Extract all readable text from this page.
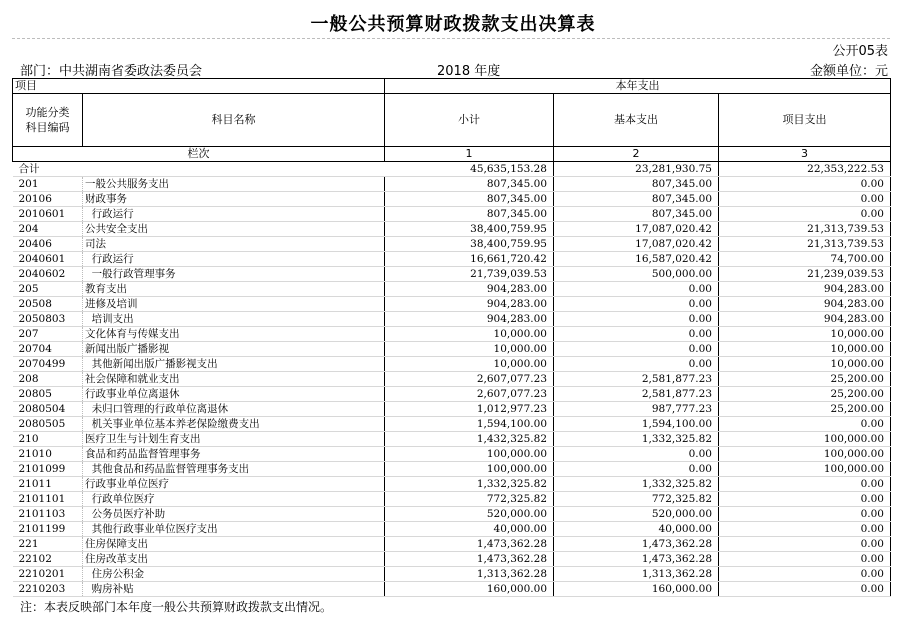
一般公共预算财政拨款支出决算表
公开05表
部门：中共湖南省委政法委员会	2018 年度	金额单位：元
项目		本年支出		
功能分类
科目编码	科目名称	小计	基本支出	项目支出
栏次		1	2	3
合计		45,635,153.28	23,281,930.75	22,353,222.53
201	一般公共服务支出	807,345.00	807,345.00	0.00
20106	财政事务	807,345.00	807,345.00	0.00
2010601	行政运行	807,345.00	807,345.00	0.00
204	公共安全支出	38,400,759.95	17,087,020.42	21,313,739.53
20406	司法	38,400,759.95	17,087,020.42	21,313,739.53
2040601	行政运行	16,661,720.42	16,587,020.42	74,700.00
2040602	一般行政管理事务	21,739,039.53	500,000.00	21,239,039.53
205	教育支出	904,283.00	0.00	904,283.00
20508	进修及培训	904,283.00	0.00	904,283.00
2050803	培训支出	904,283.00	0.00	904,283.00
207	文化体育与传媒支出	10,000.00	0.00	10,000.00
20704	新闻出版广播影视	10,000.00	0.00	10,000.00
2070499	其他新闻出版广播影视支出	10,000.00	0.00	10,000.00
208	社会保障和就业支出	2,607,077.23	2,581,877.23	25,200.00
20805	行政事业单位离退休	2,607,077.23	2,581,877.23	25,200.00
2080504	未归口管理的行政单位离退休	1,012,977.23	987,777.23	25,200.00
2080505	机关事业单位基本养老保险缴费支出	1,594,100.00	1,594,100.00	0.00
210	医疗卫生与计划生育支出	1,432,325.82	1,332,325.82	100,000.00
21010	食品和药品监督管理事务	100,000.00	0.00	100,000.00
2101099	其他食品和药品监督管理事务支出	100,000.00	0.00	100,000.00
21011	行政事业单位医疗	1,332,325.82	1,332,325.82	0.00
2101101	行政单位医疗	772,325.82	772,325.82	0.00
2101103	公务员医疗补助	520,000.00	520,000.00	0.00
2101199	其他行政事业单位医疗支出	40,000.00	40,000.00	0.00
221	住房保障支出	1,473,362.28	1,473,362.28	0.00
22102	住房改革支出	1,473,362.28	1,473,362.28	0.00
2210201	住房公积金	1,313,362.28	1,313,362.28	0.00
2210203	购房补贴	160,000.00	160,000.00	0.00
注：本表反映部门本年度一般公共预算财政拨款支出情况。
